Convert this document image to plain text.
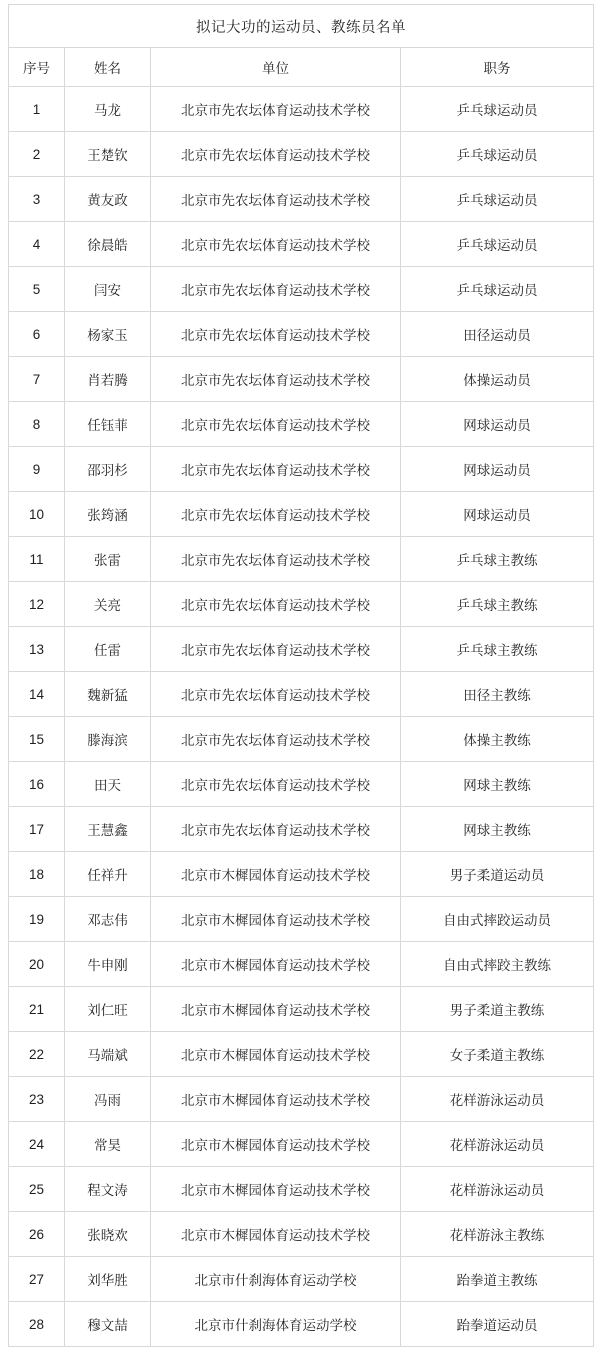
拟记大功的运动员、教练员名单			
序号	姓名	单位	职务
1	马龙	北京市先农坛体育运动技术学校	乒乓球运动员
2	王楚钦	北京市先农坛体育运动技术学校	乒乓球运动员
3	黄友政	北京市先农坛体育运动技术学校	乒乓球运动员
4	徐晨皓	北京市先农坛体育运动技术学校	乒乓球运动员
5	闫安	北京市先农坛体育运动技术学校	乒乓球运动员
6	杨家玉	北京市先农坛体育运动技术学校	田径运动员
7	肖若腾	北京市先农坛体育运动技术学校	体操运动员
8	任钰菲	北京市先农坛体育运动技术学校	网球运动员
9	邵羽杉	北京市先农坛体育运动技术学校	网球运动员
10	张筠涵	北京市先农坛体育运动技术学校	网球运动员
11	张雷	北京市先农坛体育运动技术学校	乒乓球主教练
12	关亮	北京市先农坛体育运动技术学校	乒乓球主教练
13	任雷	北京市先农坛体育运动技术学校	乒乓球主教练
14	魏新猛	北京市先农坛体育运动技术学校	田径主教练
15	滕海滨	北京市先农坛体育运动技术学校	体操主教练
16	田天	北京市先农坛体育运动技术学校	网球主教练
17	王慧鑫	北京市先农坛体育运动技术学校	网球主教练
18	任祥升	北京市木樨园体育运动技术学校	男子柔道运动员
19	邓志伟	北京市木樨园体育运动技术学校	自由式摔跤运动员
20	牛申刚	北京市木樨园体育运动技术学校	自由式摔跤主教练
21	刘仁旺	北京市木樨园体育运动技术学校	男子柔道主教练
22	马端斌	北京市木樨园体育运动技术学校	女子柔道主教练
23	冯雨	北京市木樨园体育运动技术学校	花样游泳运动员
24	常昊	北京市木樨园体育运动技术学校	花样游泳运动员
25	程文涛	北京市木樨园体育运动技术学校	花样游泳运动员
26	张晓欢	北京市木樨园体育运动技术学校	花样游泳主教练
27	刘华胜	北京市什刹海体育运动学校	跆拳道主教练
28	穆文喆	北京市什刹海体育运动学校	跆拳道运动员
